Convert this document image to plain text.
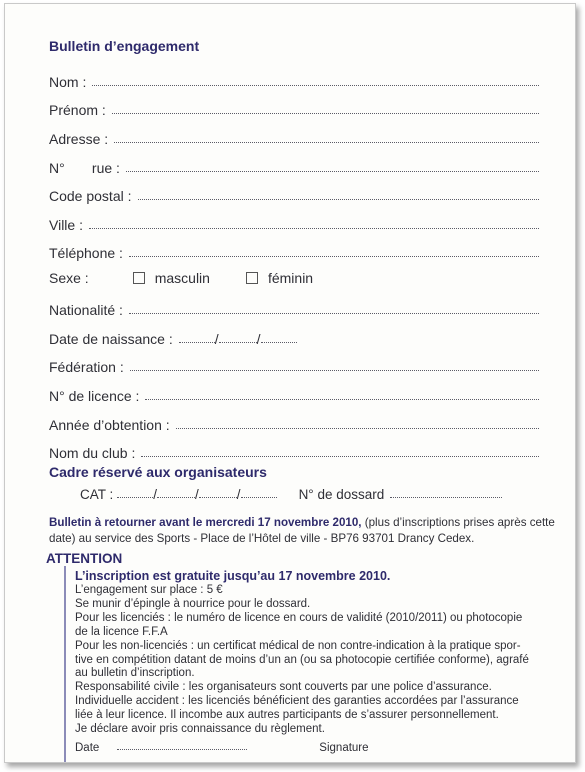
Bulletin d’engagement
Nom :
Prénom :
Adresse :
N°       rue :
Code postal :
Ville :
Téléphone :
Sexe :	masculin	féminin
Nationalité :
Date de naissance :	/	/
Fédération :
N° de licence :
Année d’obtention :
Nom du club :
Cadre réservé aux organisateurs
CAT :	/	/	/	N° de dossard
Bulletin à retourner avant le mercredi 17 novembre 2010, (plus d’inscriptions prises après cette date) au service des Sports - Place de l’Hôtel de ville - BP76 93701 Drancy Cedex.
ATTENTION
L’inscription est gratuite jusqu’au 17 novembre 2010.
L’engagement sur place : 5 €
Se munir d’épingle à nourrice pour le dossard.
Pour les licenciés : le numéro de licence en cours de validité (2010/2011) ou photocopie
de la licence F.F.A
Pour les non-licenciés : un certificat médical de non contre-indication à la pratique spor-
tive en compétition datant de moins d’un an (ou sa photocopie certifiée conforme), agrafé
au bulletin d’inscription.
Responsabilité civile : les organisateurs sont couverts par une police d’assurance.
Individuelle accident : les licenciés bénéficient des garanties accordées par l’assurance
liée à leur licence. Il incombe aux autres participants de s’assurer personnellement.
Je déclare avoir pris connaissance du règlement.
Date	Signature
